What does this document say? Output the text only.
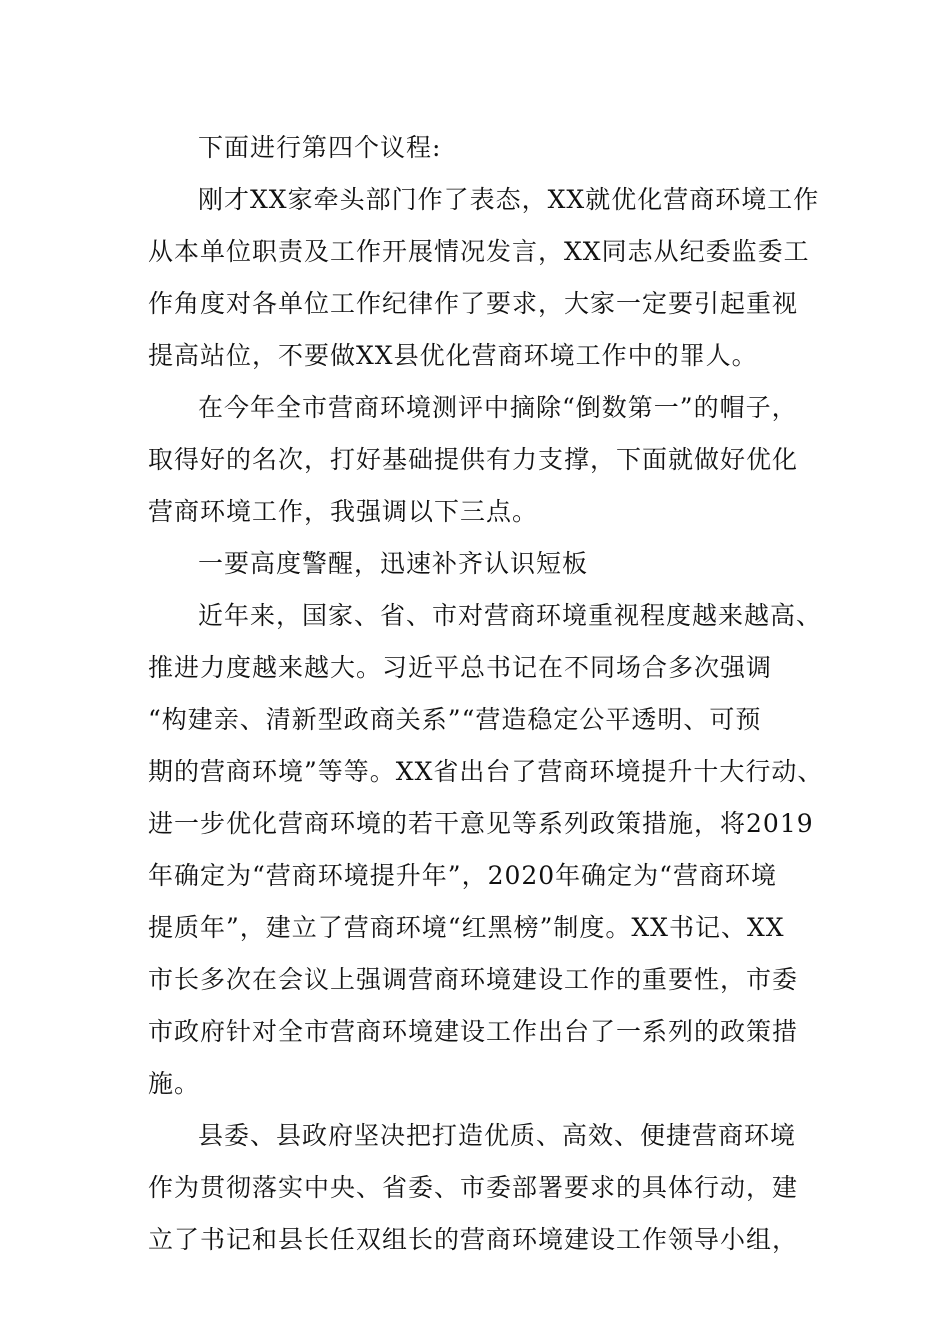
下面进行第四个议程:
刚才XX家牵头部门作了表态，XX就优化营商环境工作
从本单位职责及工作开展情况发言，XX同志从纪委监委工
作角度对各单位工作纪律作了要求，大家一定要引起重视
提高站位，不要做XX县优化营商环境工作中的罪人。
在今年全市营商环境测评中摘除“倒数第一”的帽子，
取得好的名次，打好基础提供有力支撑，下面就做好优化
营商环境工作，我强调以下三点。
一要高度警醒，迅速补齐认识短板
近年来，国家、省、市对营商环境重视程度越来越高、
推进力度越来越大。习近平总书记在不同场合多次强调
“构建亲、清新型政商关系”“营造稳定公平透明、可预
期的营商环境”等等。XX省出台了营商环境提升十大行动、
进一步优化营商环境的若干意见等系列政策措施，将2019
年确定为“营商环境提升年”，2020年确定为“营商环境
提质年”，建立了营商环境“红黑榜”制度。XX书记、XX
市长多次在会议上强调营商环境建设工作的重要性，市委
市政府针对全市营商环境建设工作出台了一系列的政策措
施。
县委、县政府坚决把打造优质、高效、便捷营商环境
作为贯彻落实中央、省委、市委部署要求的具体行动，建
立了书记和县长任双组长的营商环境建设工作领导小组，
